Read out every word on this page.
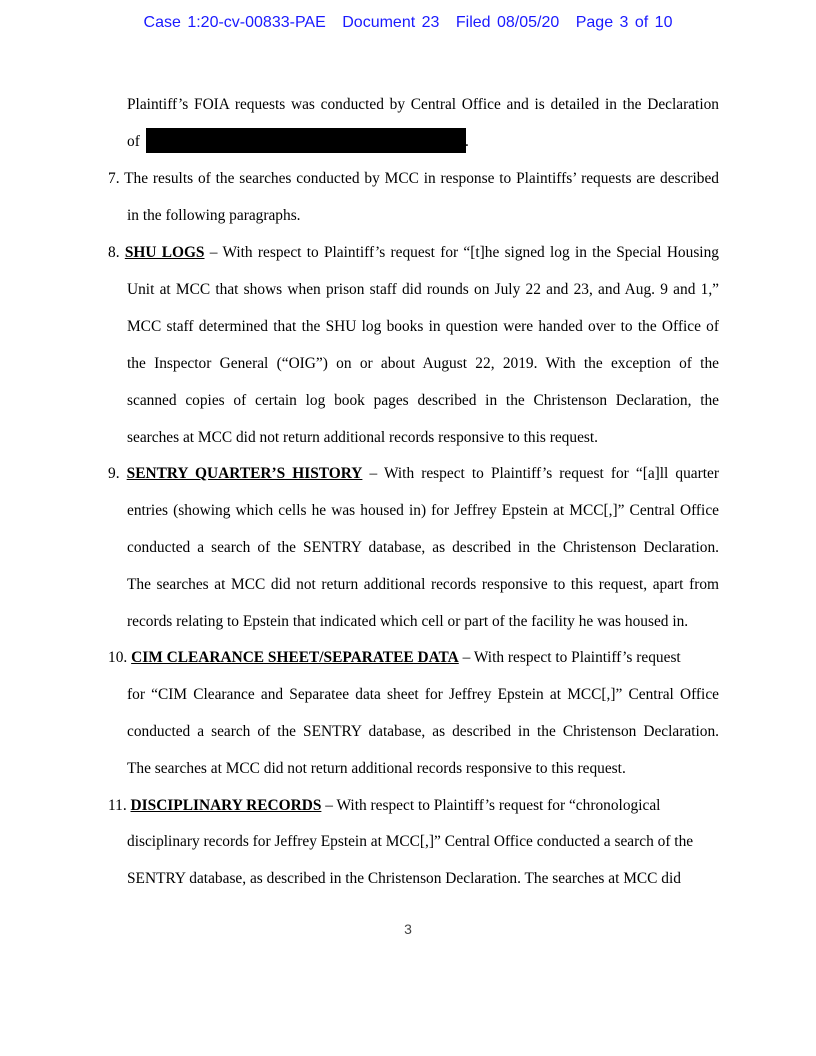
Case 1:20-cv-00833-PAE Document 23 Filed 08/05/20 Page 3 of 10
Plaintiff’s FOIA requests was conducted by Central Office and is detailed in the Declaration
of	.
7. The results of the searches conducted by MCC in response to Plaintiffs’ requests are described
in the following paragraphs.
8. SHU LOGS – With respect to Plaintiff’s request for “[t]he signed log in the Special Housing
Unit at MCC that shows when prison staff did rounds on July 22 and 23, and Aug. 9 and 1,”
MCC staff determined that the SHU log books in question were handed over to the Office of
the Inspector General (“OIG”) on or about August 22, 2019. With the exception of the
scanned copies of certain log book pages described in the Christenson Declaration, the
searches at MCC did not return additional records responsive to this request.
9. SENTRY QUARTER’S HISTORY – With respect to Plaintiff’s request for “[a]ll quarter
entries (showing which cells he was housed in) for Jeffrey Epstein at MCC[,]” Central Office
conducted a search of the SENTRY database, as described in the Christenson Declaration.
The searches at MCC did not return additional records responsive to this request, apart from
records relating to Epstein that indicated which cell or part of the facility he was housed in.
10. CIM CLEARANCE SHEET/SEPARATEE DATA – With respect to Plaintiff’s request
for “CIM Clearance and Separatee data sheet for Jeffrey Epstein at MCC[,]” Central Office
conducted a search of the SENTRY database, as described in the Christenson Declaration.
The searches at MCC did not return additional records responsive to this request.
11. DISCIPLINARY RECORDS – With respect to Plaintiff’s request for “chronological
disciplinary records for Jeffrey Epstein at MCC[,]” Central Office conducted a search of the
SENTRY database, as described in the Christenson Declaration. The searches at MCC did
3
